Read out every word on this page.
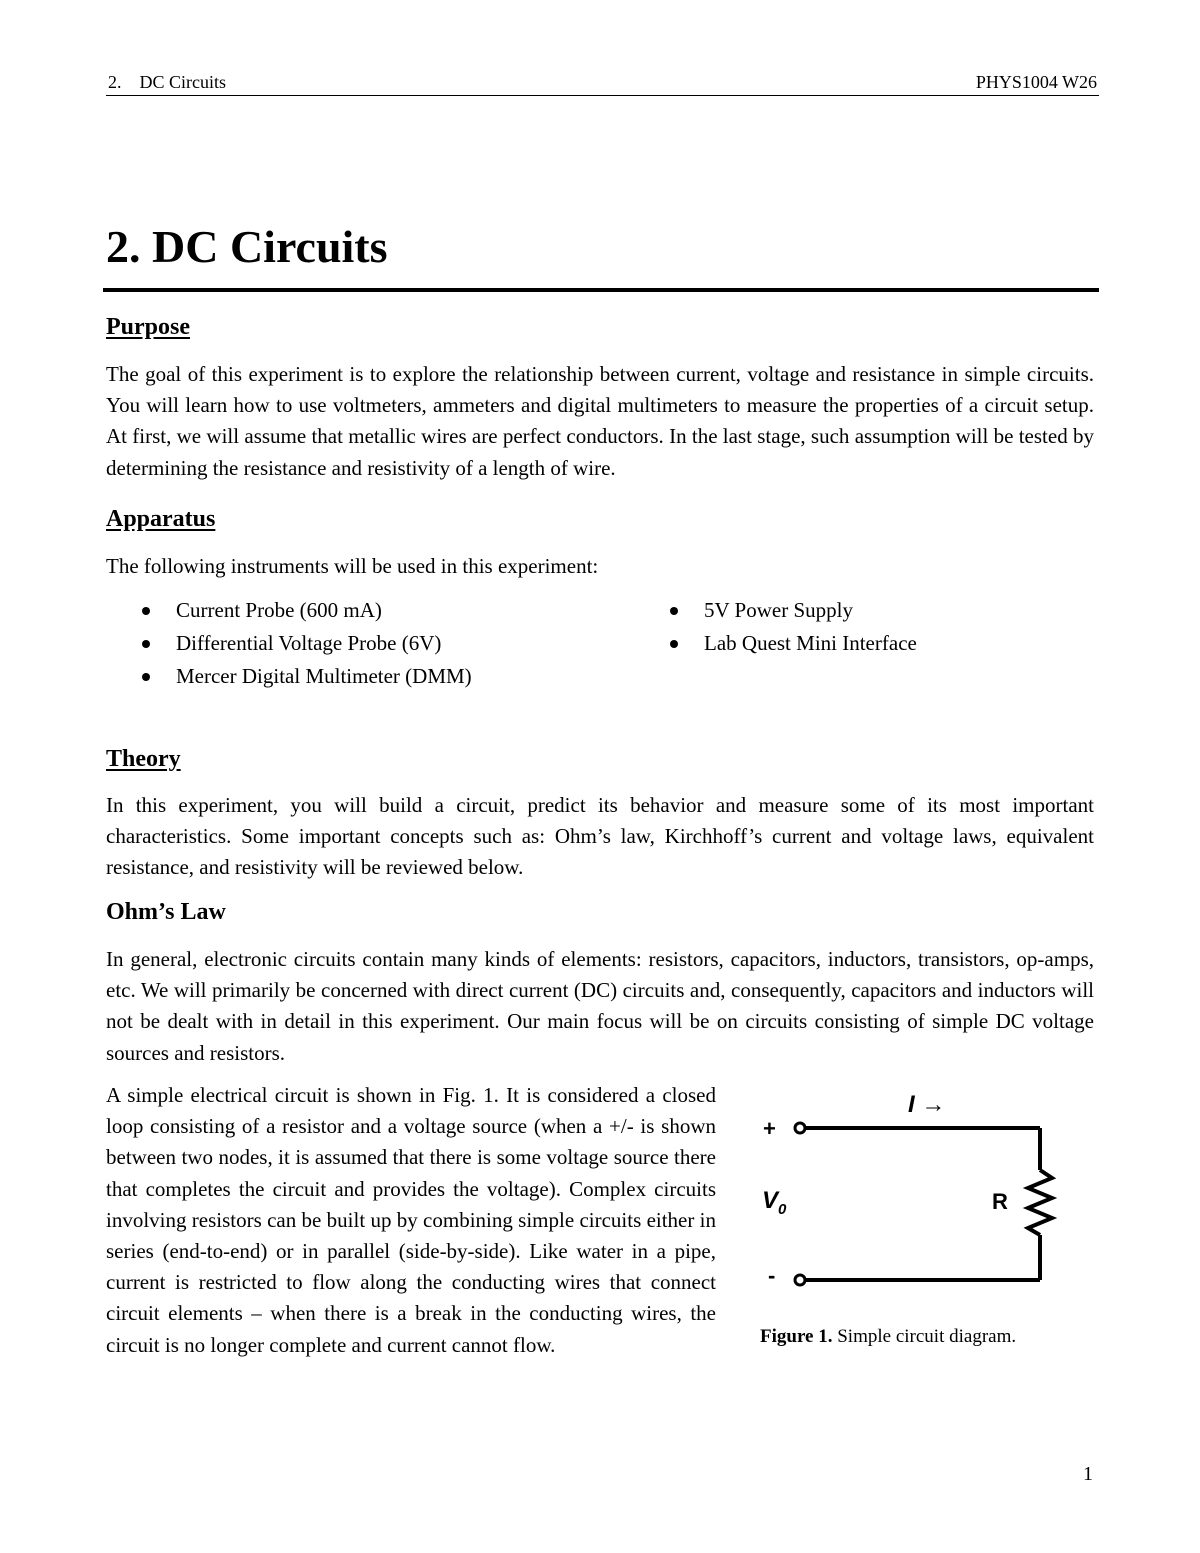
2.    DC Circuits	PHYS1004 W26
2. DC Circuits
Purpose

The goal of this experiment is to explore the relationship between current, voltage and resistance in simple circuits. You will learn how to use voltmeters, ammeters and digital multimeters to measure the properties of a circuit setup. At first, we will assume that metallic wires are perfect conductors. In the last stage, such assumption will be tested by determining the resistance and resistivity of a length of wire.

Apparatus

The following instruments will be used in this experiment:

Current Probe (600 mA)
Differential Voltage Probe (6V)
Mercer Digital Multimeter (DMM)
5V Power Supply
Lab Quest Mini Interface
Theory

In this experiment, you will build a circuit, predict its behavior and measure some of its most important characteristics. Some important concepts such as: Ohm’s law, Kirchhoff’s current and voltage laws, equivalent resistance, and resistivity will be reviewed below.

Ohm’s Law

In general, electronic circuits contain many kinds of elements: resistors, capacitors, inductors, transistors, op-amps, etc. We will primarily be concerned with direct current (DC) circuits and, consequently, capacitors and inductors will not be dealt with in detail in this experiment. Our main focus will be on circuits consisting of simple DC voltage sources and resistors.

A simple electrical circuit is shown in Fig. 1. It is considered a closed loop consisting of a resistor and a voltage source (when a +/- is shown between two nodes, it is assumed that there is some voltage source there that completes the circuit and provides the voltage). Complex circuits involving resistors can be built up by combining simple circuits either in series (end-to-end) or in parallel (side-by-side). Like water in a pipe, current is restricted to flow along the conducting wires that connect circuit elements – when there is a break in the conducting wires, the circuit is no longer complete and current cannot flow.

I →
+
$V_0$	R
-
Figure 1. Simple circuit diagram.
1
